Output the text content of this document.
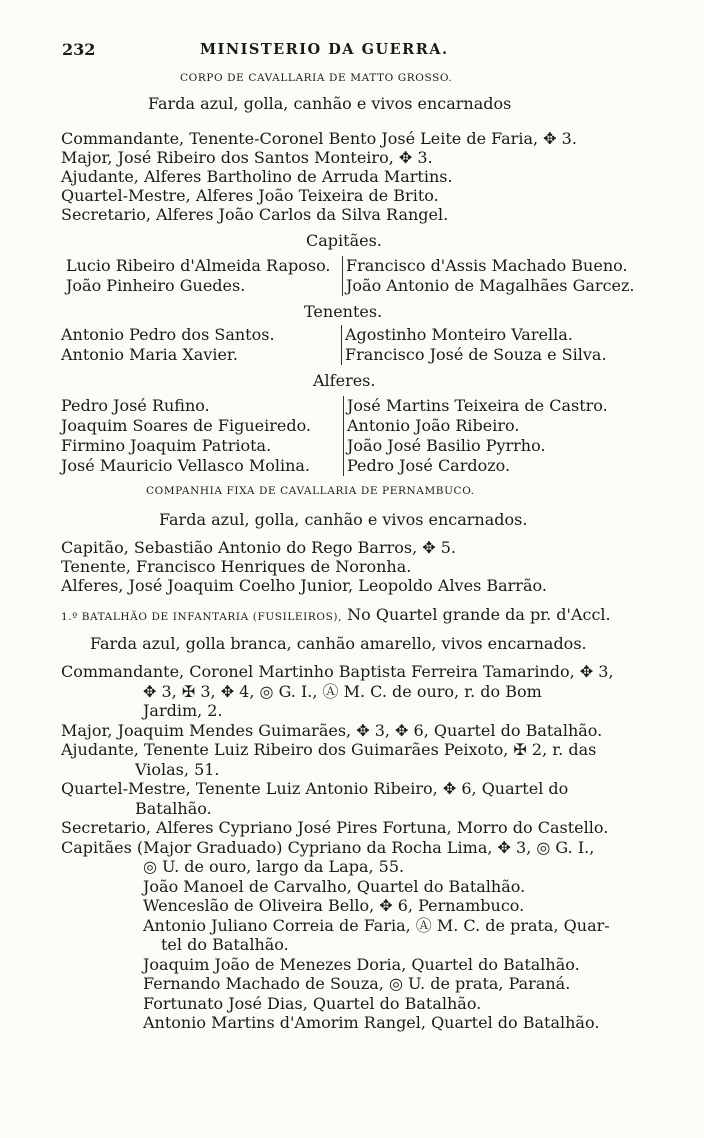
232	MINISTERIO DA GUERRA.
CORPO DE CAVALLARIA DE MATTO GROSSO.
Farda azul, golla, canhão e vivos encarnados
Commandante, Tenente-Coronel Bento José Leite de Faria, ✥ 3.
Major, José Ribeiro dos Santos Monteiro, ✥ 3.
Ajudante, Alferes Bartholino de Arruda Martins.
Quartel-Mestre, Alferes João Teixeira de Brito.
Secretario, Alferes João Carlos da Silva Rangel.
Capitães.
Lucio Ribeiro d'Almeida Raposo.
João Pinheiro Guedes.
Francisco d'Assis Machado Bueno.
João Antonio de Magalhães Garcez.
Tenentes.
Antonio Pedro dos Santos.
Antonio Maria Xavier.
Agostinho Monteiro Varella.
Francisco José de Souza e Silva.
Alferes.
Pedro José Rufino.
Joaquim Soares de Figueiredo.
Firmino Joaquim Patriota.
José Mauricio Vellasco Molina.
José Martins Teixeira de Castro.
Antonio João Ribeiro.
João José Basilio Pyrrho.
Pedro José Cardozo.
COMPANHIA FIXA DE CAVALLARIA DE PERNAMBUCO.
Farda azul, golla, canhão e vivos encarnados.
Capitão, Sebastião Antonio do Rego Barros, ✥ 5.
Tenente, Francisco Henriques de Noronha.
Alferes, José Joaquim Coelho Junior, Leopoldo Alves Barrão.
1.º BATALHÃO DE INFANTARIA (FUSILEIROS), No Quartel grande da pr. d'Accl.
Farda azul, golla branca, canhão amarello, vivos encarnados.
Commandante, Coronel Martinho Baptista Ferreira Tamarindo, ✥ 3,
✥ 3, ✠ 3, ✥ 4, ◎ G. I., Ⓐ M. C. de ouro, r. do Bom
Jardim, 2.
Major, Joaquim Mendes Guimarães, ✥ 3, ✥ 6, Quartel do Batalhão.
Ajudante, Tenente Luiz Ribeiro dos Guimarães Peixoto, ✠ 2, r. das
Violas, 51.
Quartel-Mestre, Tenente Luiz Antonio Ribeiro, ✥ 6, Quartel do
Batalhão.
Secretario, Alferes Cypriano José Pires Fortuna, Morro do Castello.
Capitães (Major Graduado) Cypriano da Rocha Lima, ✥ 3, ◎ G. I.,
◎ U. de ouro, largo da Lapa, 55.
João Manoel de Carvalho, Quartel do Batalhão.
Wenceslão de Oliveira Bello, ✥ 6, Pernambuco.
Antonio Juliano Correia de Faria, Ⓐ M. C. de prata, Quar-
tel do Batalhão.
Joaquim João de Menezes Doria, Quartel do Batalhão.
Fernando Machado de Souza, ◎ U. de prata, Paraná.
Fortunato José Dias, Quartel do Batalhão.
Antonio Martins d'Amorim Rangel, Quartel do Batalhão.
